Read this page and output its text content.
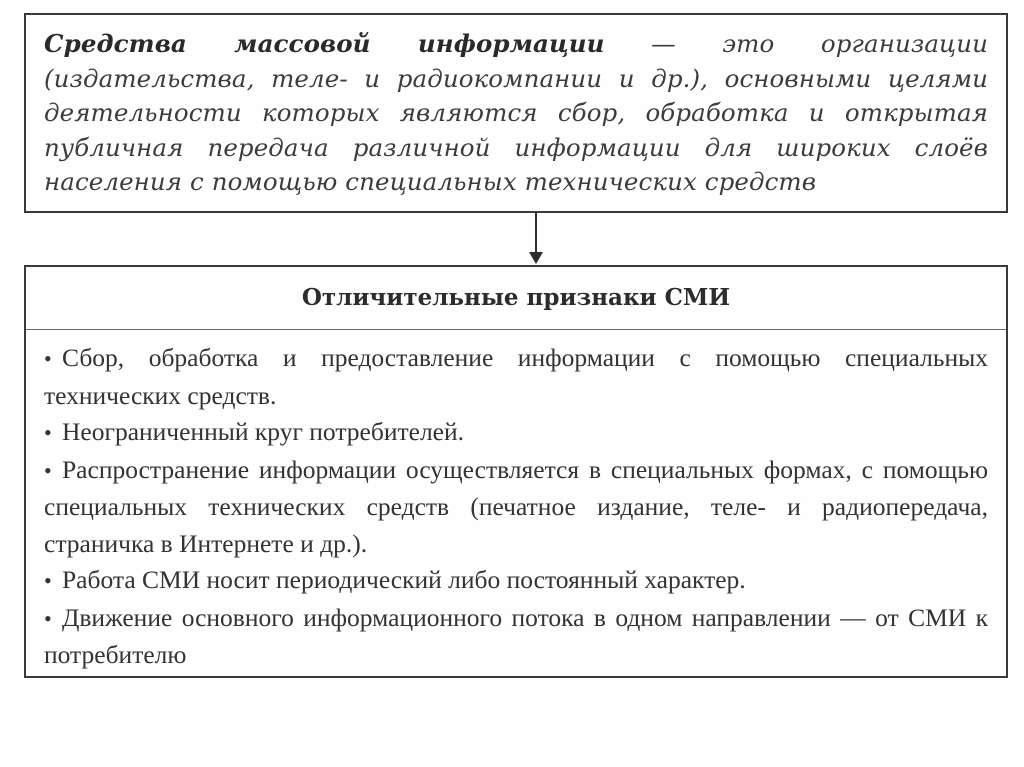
Средства массовой информации — это организации (издательства, теле- и радиокомпании и др.), основными целями деятельности которых являются сбор, обработка и открытая публичная передача различной информации для широких слоёв населения с помощью специальных технических средств
Отличительные признаки СМИ
• Сбор, обработка и предоставление информации с помощью специальных технических средств.
• Неограниченный круг потребителей.
• Распространение информации осуществляется в специальных формах, с помощью специальных технических средств (печатное издание, теле- и радиопередача, страничка в Интернете и др.).
• Работа СМИ носит периодический либо постоянный характер.
• Движение основного информационного потока в одном направлении — от СМИ к потребителю
